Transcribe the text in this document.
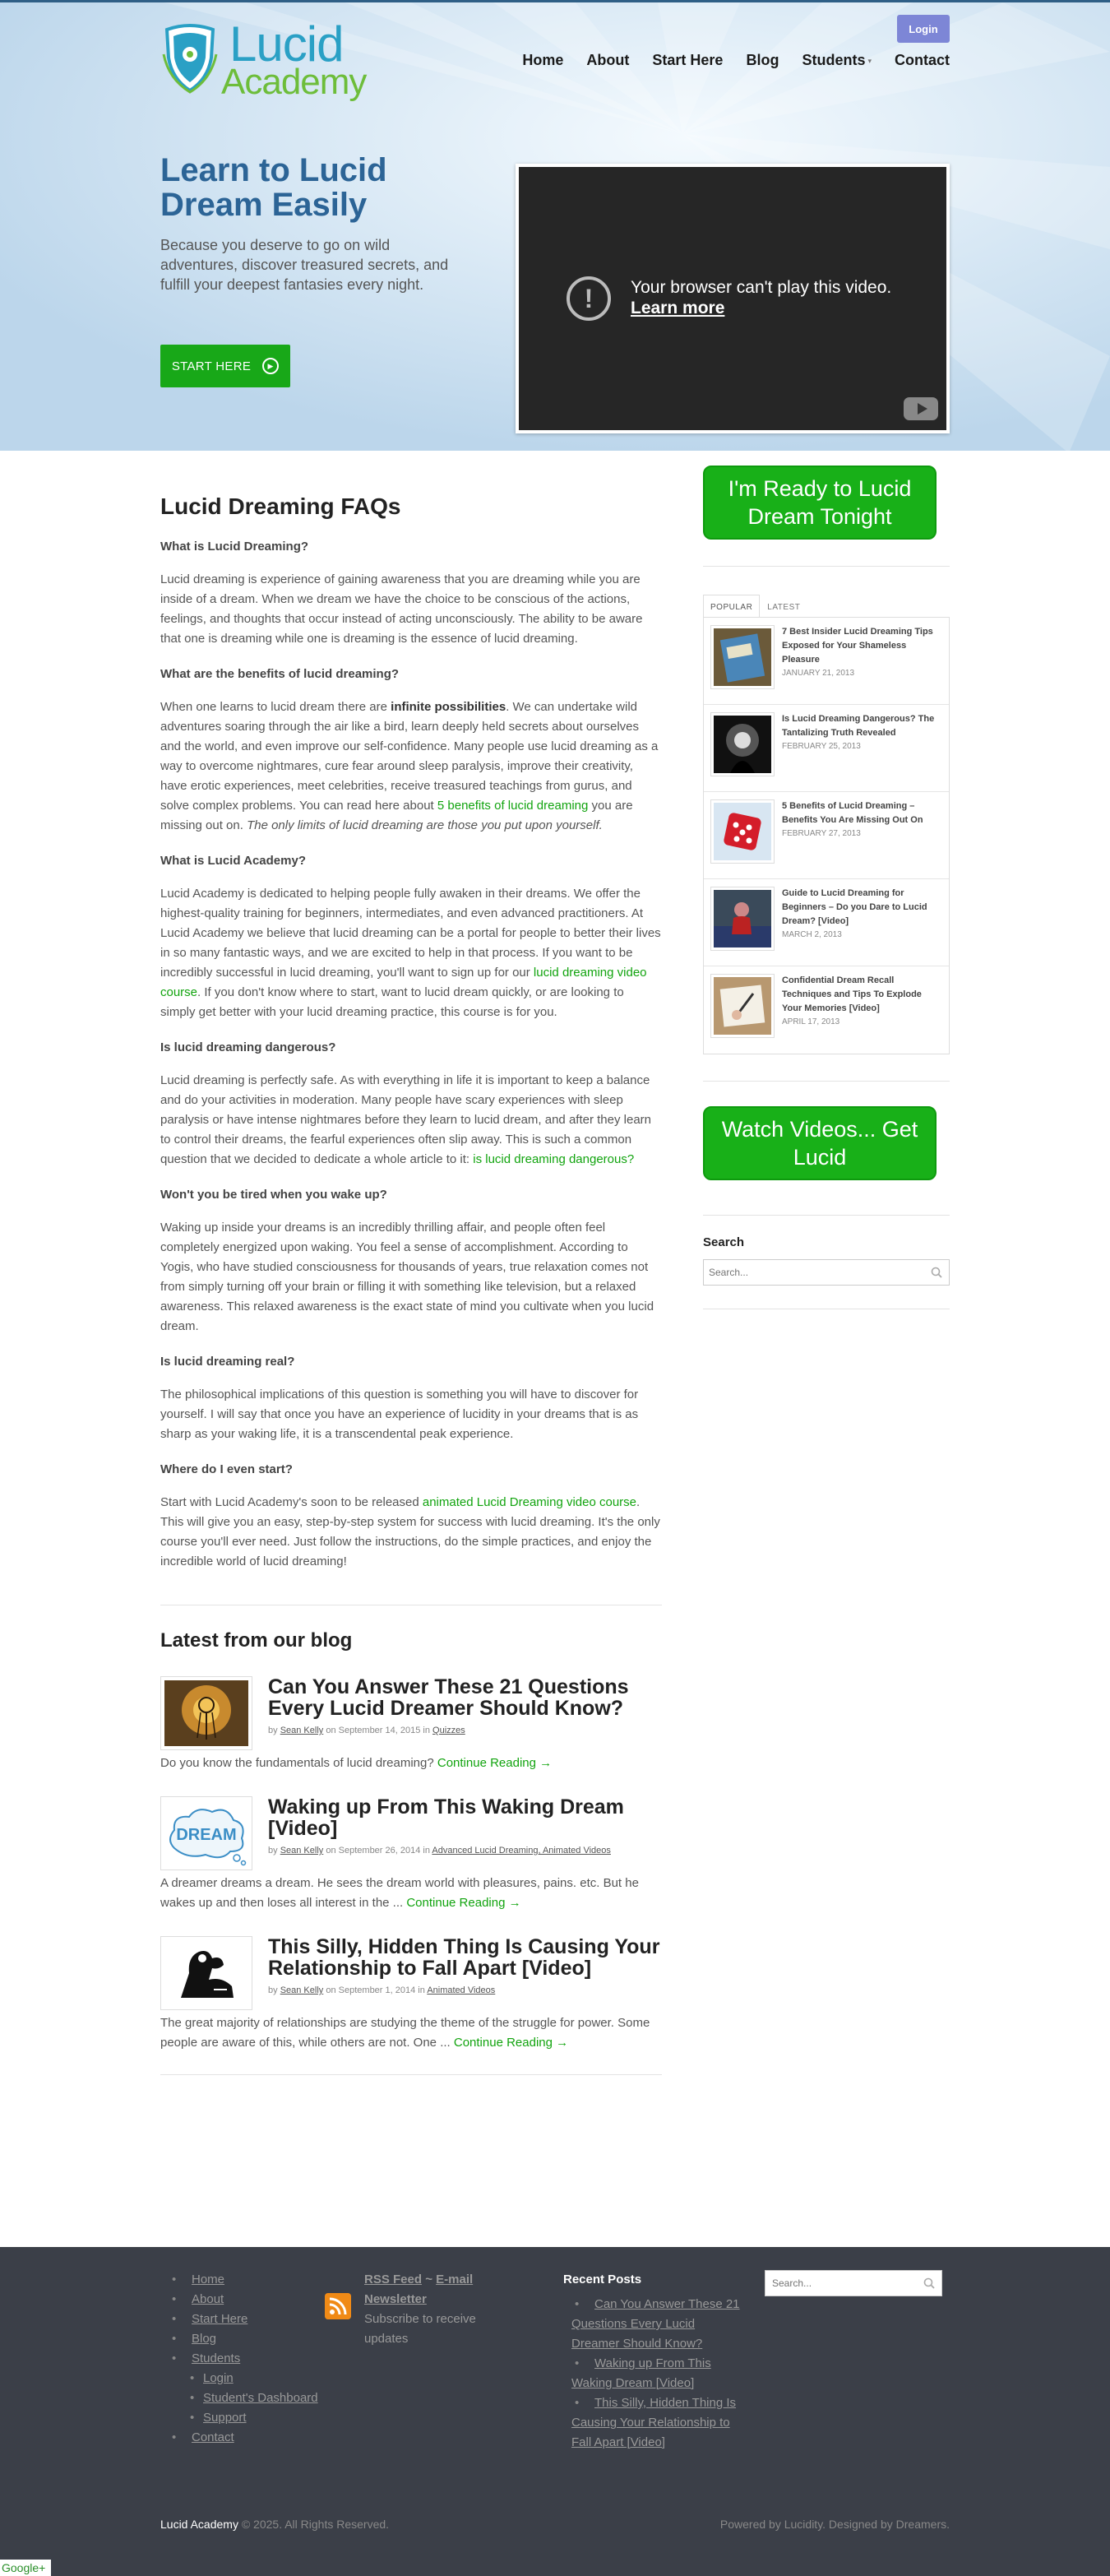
Lucid
Academy
Login
Home About Start Here Blog Students ▾ Contact
Learn to Lucid Dream Easily

Because you deserve to go on wild adventures, discover treasured secrets, and fulfill your deepest fantasies every night.

START HERE	▶
!	Your browser can't play this video.
Learn more
Lucid Dreaming FAQs
What is Lucid Dreaming?

Lucid dreaming is experience of gaining awareness that you are dreaming while you are inside of a dream. When we dream we have the choice to be conscious of the actions, feelings, and thoughts that occur instead of acting unconsciously. The ability to be aware that one is dreaming while one is dreaming is the essence of lucid dreaming.

What are the benefits of lucid dreaming?

When one learns to lucid dream there are infinite possibilities. We can undertake wild adventures soaring through the air like a bird, learn deeply held secrets about ourselves and the world, and even improve our self-confidence. Many people use lucid dreaming as a way to overcome nightmares, cure fear around sleep paralysis, improve their creativity, have erotic experiences, meet celebrities, receive treasured teachings from gurus, and solve complex problems. You can read here about 5 benefits of lucid dreaming you are missing out on. The only limits of lucid dreaming are those you put upon yourself.

What is Lucid Academy?

Lucid Academy is dedicated to helping people fully awaken in their dreams. We offer the highest-quality training for beginners, intermediates, and even advanced practitioners. At Lucid Academy we believe that lucid dreaming can be a portal for people to better their lives in so many fantastic ways, and we are excited to help in that process. If you want to be incredibly successful in lucid dreaming, you'll want to sign up for our lucid dreaming video course. If you don't know where to start, want to lucid dream quickly, or are looking to simply get better with your lucid dreaming practice, this course is for you.

Is lucid dreaming dangerous?

Lucid dreaming is perfectly safe. As with everything in life it is important to keep a balance and do your activities in moderation. Many people have scary experiences with sleep paralysis or have intense nightmares before they learn to lucid dream, and after they learn to control their dreams, the fearful experiences often slip away. This is such a common question that we decided to dedicate a whole article to it: is lucid dreaming dangerous?

Won't you be tired when you wake up?

Waking up inside your dreams is an incredibly thrilling affair, and people often feel completely energized upon waking. You feel a sense of accomplishment. According to Yogis, who have studied consciousness for thousands of years, true relaxation comes not from simply turning off your brain or filling it with something like television, but a relaxed awareness. This relaxed awareness is the exact state of mind you cultivate when you lucid dream.

Is lucid dreaming real?

The philosophical implications of this question is something you will have to discover for yourself. I will say that once you have an experience of lucidity in your dreams that is as sharp as your waking life, it is a transcendental peak experience.

Where do I even start?

Start with Lucid Academy's soon to be released animated Lucid Dreaming video course. This will give you an easy, step-by-step system for success with lucid dreaming. It's the only course you'll ever need. Just follow the instructions, do the simple practices, and enjoy the incredible world of lucid dreaming!

Latest from our blog
Can You Answer These 21 Questions Every Lucid Dreamer Should Know?
by Sean Kelly on September 14, 2015 in Quizzes

Do you know the fundamentals of lucid dreaming? Continue Reading →

DREAM
Waking up From This Waking Dream [Video]
by Sean Kelly on September 26, 2014 in Advanced Lucid Dreaming, Animated Videos

A dreamer dreams a dream. He sees the dream world with pleasures, pains. etc. But he wakes up and then loses all interest in the ... Continue Reading →

This Silly, Hidden Thing Is Causing Your Relationship to Fall Apart [Video]
by Sean Kelly on September 1, 2014 in Animated Videos

The great majority of relationships are studying the theme of the struggle for power. Some people are aware of this, while others are not. One ... Continue Reading →

I'm Ready to Lucid Dream Tonight
POPULAR	LATEST
7 Best Insider Lucid Dreaming Tips Exposed for Your Shameless Pleasure
JANUARY 21, 2013
Is Lucid Dreaming Dangerous? The Tantalizing Truth Revealed
FEBRUARY 25, 2013
5 Benefits of Lucid Dreaming – Benefits You Are Missing Out On
FEBRUARY 27, 2013
Guide to Lucid Dreaming for Beginners – Do you Dare to Lucid Dream? [Video]
MARCH 2, 2013
Confidential Dream Recall Techniques and Tips To Explode Your Memories [Video]
APRIL 17, 2013
Watch Videos... Get Lucid
Search
Search...
• Home
• About
• Start Here
• Blog
• Students
• Login
• Student's Dashboard
• Support
• Contact
RSS Feed ~ E-mail Newsletter
Subscribe to receive updates
Recent Posts
• Can You Answer These 21 Questions Every Lucid Dreamer Should Know?
• Waking up From This Waking Dream [Video]
• This Silly, Hidden Thing Is Causing Your Relationship to Fall Apart [Video]
Search...
Lucid Academy © 2025. All Rights Reserved.	Powered by Lucidity. Designed by Dreamers.
Google+
